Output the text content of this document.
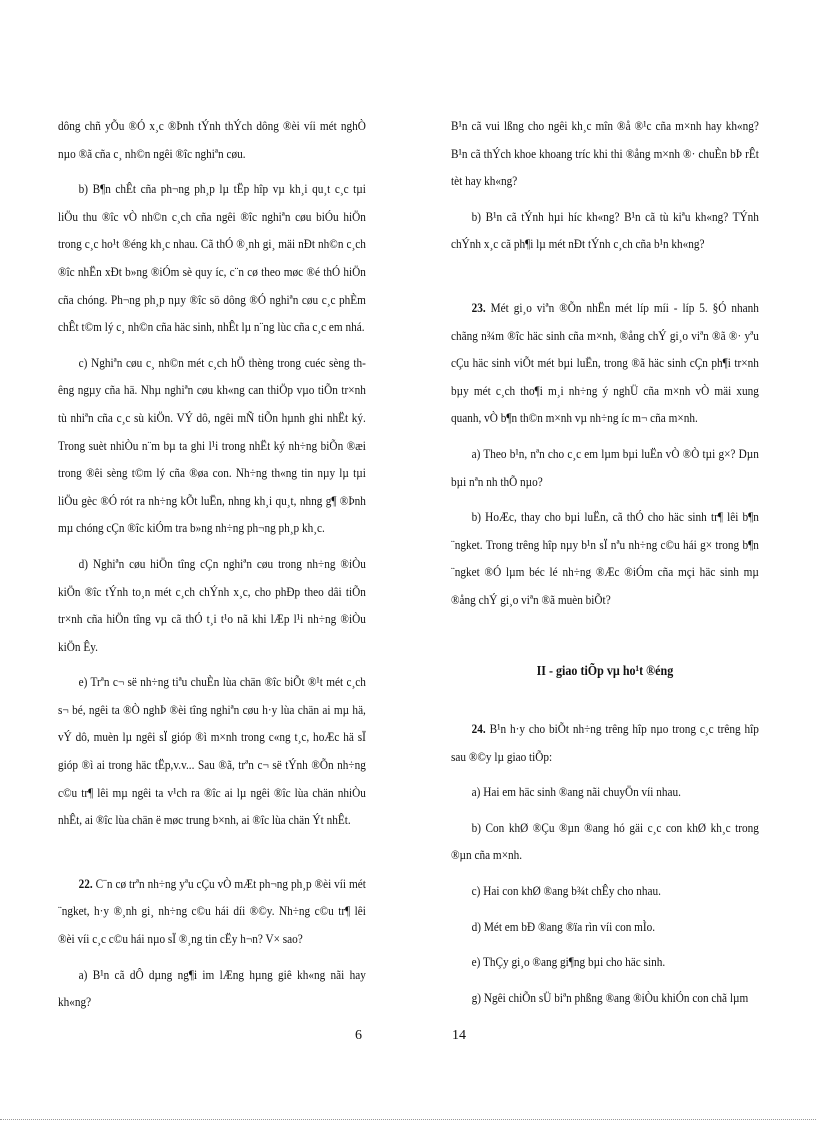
dông chñ yÕu ®Ó x¸c ®Þnh tÝnh thÝch dông ®èi víi mét nghÒ nµo ®ã cña c¸ nh©n ngêi ®îc nghiªn cøu.

b) B¶n chÊt cña ph¬ng ph¸p lµ tËp hîp vµ kh¸i qu¸t c¸c tµi liÖu thu ®îc vÒ nh©n c¸ch cña ngêi ®îc nghiªn cøu biÓu hiÖn trong c¸c ho¹t ®éng kh¸c nhau. Cã thÓ ®¸nh gi¸ mäi nÐt nh©n c¸ch ®îc nhËn xÐt b»ng ®iÓm sè quy íc, c¨n cø theo møc ®é thÓ hiÖn cña chóng. Ph¬ng ph¸p nµy ®îc sö dông ®Ó nghiªn cøu c¸c phÈm chÊt t©m lý c¸ nh©n cña häc sinh, nhÊt lµ n¨ng lùc cña c¸c em nhá.

c) Nghiªn cøu c¸ nh©n mét c¸ch hÖ thèng trong cuéc sèng thêng ngµy cña hä. Nhµ nghiªn cøu kh«ng can thiÖp vµo tiÕn tr×nh tù nhiªn cña c¸c sù kiÖn. VÝ dô, ngêi mÑ tiÕn hµnh ghi nhËt ký. Trong suèt nhiÒu n¨m bµ ta ghi l¹i trong nhËt ký nh÷ng biÕn ®æi trong ®êi sèng t©m lý cña ®øa con. Nh÷ng th«ng tin nµy lµ tµi liÖu gèc ®Ó rót ra nh÷ng kÕt luËn, nhng kh¸i qu¸t, nhng g¶ ®Þnh mµ chóng cÇn ®îc kiÓm tra b»ng nh÷ng ph¬ng ph¸p kh¸c.

d) Nghiªn cøu hiÖn tîng cÇn nghiªn cøu trong nh÷ng ®iÒu kiÖn ®îc tÝnh to¸n mét c¸ch chÝnh x¸c, cho phÐp theo dâi tiÕn tr×nh cña hiÖn tîng vµ cã thÓ t¸i t¹o nã khi lÆp l¹i nh÷ng ®iÒu kiÖn Êy.

e) Trªn c¬ së nh÷ng tiªu chuÈn lùa chän ®îc biÕt ®¹t mét c¸ch s¬ bé, ngêi ta ®Ò nghÞ ®èi tîng nghiªn cøu h·y lùa chän ai mµ hä, vÝ dô, muèn lµ ngêi sÏ gióp ®ì m×nh trong c«ng t¸c, hoÆc hä sÏ gióp ®ì ai trong häc tËp,v.v... Sau ®ã, trªn c¬ së tÝnh ®Õn nh÷ng c©u tr¶ lêi mµ ngêi ta v¹ch ra ®îc ai lµ ngêi ®îc lùa chän nhiÒu nhÊt, ai ®îc lùa chän ë møc trung b×nh, ai ®îc lùa chän Ýt nhÊt.

22. C¨n cø trªn nh÷ng yªu cÇu vÒ mÆt ph¬ng ph¸p ®èi víi mét ¨ngket, h·y ®¸nh gi¸ nh÷ng c©u hái díi ®©y. Nh÷ng c©u tr¶ lêi ®èi víi c¸c c©u hái nµo sÏ ®¸ng tin cËy h¬n? V× sao?

a) B¹n cã dÔ dµng ng¶i im lÆng hµng giê kh«ng nãi hay kh«ng?

B¹n cã vui lßng cho ngêi kh¸c mîn ®å ®¹c cña m×nh hay kh«ng? B¹n cã thÝch khoe khoang tríc khi thi ®ång m×nh ®· chuÈn bÞ rÊt tèt hay kh«ng?

b) B¹n cã tÝnh hµi híc kh«ng? B¹n cã tù kiªu kh«ng? TÝnh chÝnh x¸c cã ph¶i lµ mét nÐt tÝnh c¸ch cña b¹n kh«ng?

23. Mét gi¸o viªn ®Õn nhËn mét líp míi - líp 5. §Ó nhanh chãng n¾m ®îc häc sinh cña m×nh, ®ång chÝ gi¸o viªn ®ã ®· yªu cÇu häc sinh viÕt mét bµi luËn, trong ®ã häc sinh cÇn ph¶i tr×nh bµy mét c¸ch tho¶i m¸i nh÷ng ý nghÜ cña m×nh vÒ mäi xung quanh, vÒ b¶n th©n m×nh vµ nh÷ng íc m¬ cña m×nh.

a) Theo b¹n, nªn cho c¸c em lµm bµi luËn vÒ ®Ò tµi g×? Dµn bµi nªn nh thÕ nµo?

b) HoÆc, thay cho bµi luËn, cã thÓ cho häc sinh tr¶ lêi b¶n ¨ngket. Trong trêng hîp nµy b¹n sÏ nªu nh÷ng c©u hái g× trong b¶n ¨ngket ®Ó lµm béc lé nh÷ng ®Æc ®iÓm cña mçi häc sinh mµ ®ång chÝ gi¸o viªn ®ã muèn biÕt?

II - giao tiÕp vµ ho¹t ®éng

24. B¹n h·y cho biÕt nh÷ng trêng hîp nµo trong c¸c trêng hîp sau ®©y lµ giao tiÕp:

a) Hai em häc sinh ®ang nãi chuyÖn víi nhau.

b) Con khØ ®Çu ®µn ®ang hó gäi c¸c con khØ kh¸c trong ®µn cña m×nh.

c) Hai con khØ ®ang b¾t chÊy cho nhau.

d) Mét em bÐ ®ang ®ïa rìn víi con mÌo.

e) ThÇy gi¸o ®ang gi¶ng bµi cho häc sinh.

g) Ngêi chiÕn sÜ biªn phßng ®ang ®iÒu khiÓn con chã lµm

6	14
